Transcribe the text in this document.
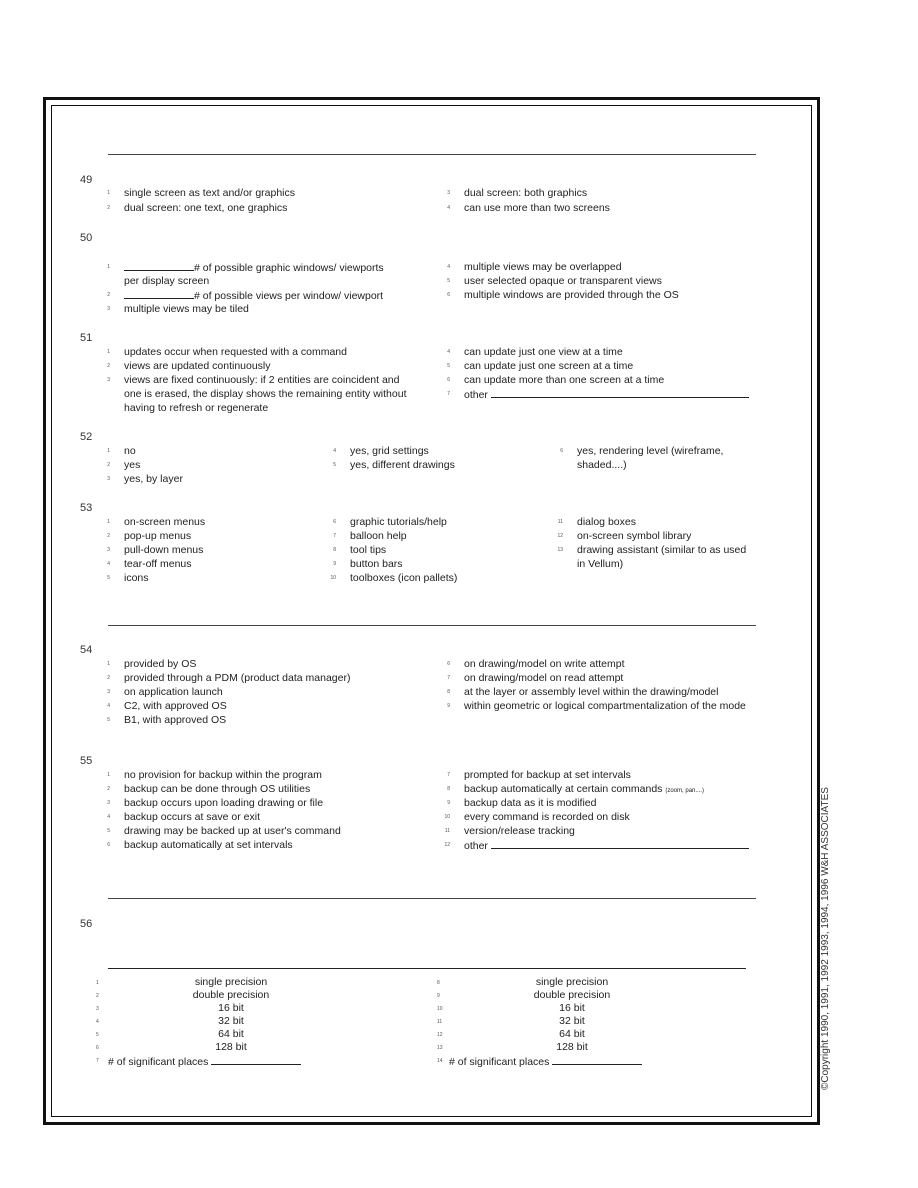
49
1 single screen as text and/or graphics
2 dual screen: one text, one graphics
3 dual screen: both graphics
4 can use more than two screens
50
1	# of possible graphic windows/ viewports
per display screen
2	# of possible views per window/ viewport
3 multiple views may be tiled
4 multiple views may be overlapped
5 user selected opaque or transparent views
6 multiple windows are provided through the OS
51
1 updates occur when requested with a command
2 views are updated continuously
3 views are fixed continuously: if 2 entities are coincident and one is erased, the display shows the remaining entity without having to refresh or regenerate
4 can update just one view at a time
5 can update just one screen at a time
6 can update more than one screen at a time
7 other
52
1 no
2 yes
3 yes, by layer
4 yes, grid settings
5 yes, different drawings
6 yes, rendering level (wireframe, shaded....)
53
1 on-screen menus
2 pop-up menus
3 pull-down menus
4 tear-off menus
5 icons
6 graphic tutorials/help
7 balloon help
8 tool tips
9 button bars
10 toolboxes (icon pallets)
11 dialog boxes
12 on-screen symbol library
13 drawing assistant (similar to as used in Vellum)
54
1 provided by OS
2 provided through a PDM (product data manager)
3 on application launch
4 C2, with approved OS
5 B1, with approved OS
6 on drawing/model on write attempt
7 on drawing/model on read attempt
8 at the layer or assembly level within the drawing/model
9 within geometric or logical compartmentalization of the mode
55
1 no provision for backup within the program
2 backup can be done through OS utilities
3 backup occurs upon loading drawing or file
4 backup occurs at save or exit
5 drawing may be backed up at user's command
6 backup automatically at set intervals
7 prompted for backup at set intervals
8 backup automatically at certain commands (zoom, pan....)
9 backup data as it is modified
10 every command is recorded on disk
11 version/release tracking
12 other
56
1	single precision
2	double precision
3	16 bit
4	32 bit
5	64 bit
6	128 bit
7 # of significant places
8	single precision
9	double precision
10	16 bit
11	32 bit
12	64 bit
13	128 bit
14 # of significant places	©Copyright 1990, 1991, 1992 1993, 1994, 1996 W&H ASSOCIATES
